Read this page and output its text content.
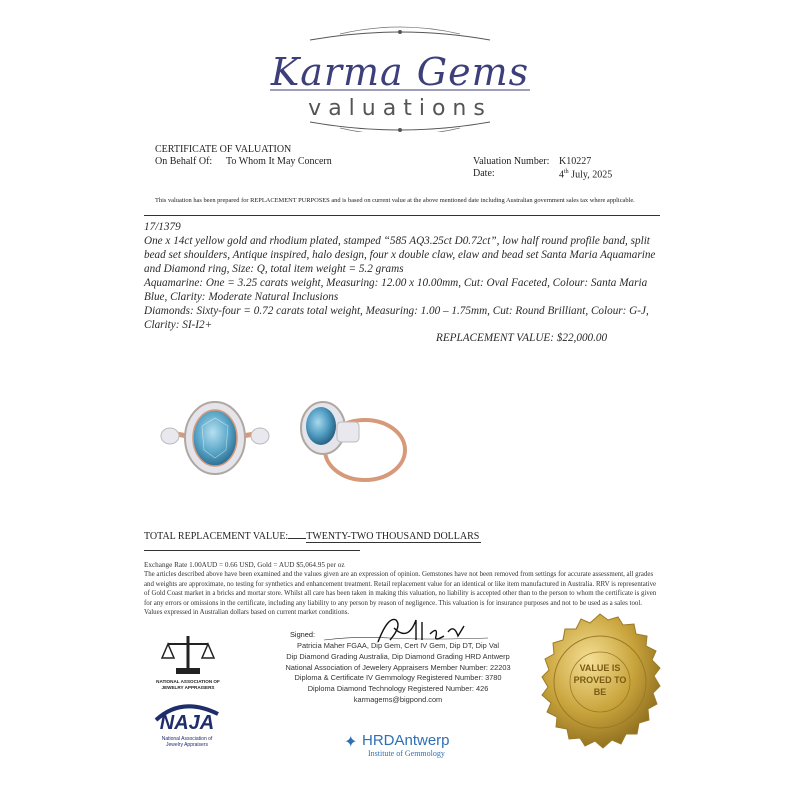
Karma Gems
valuations
CERTIFICATE OF VALUATION
On Behalf Of: To Whom It May Concern	Valuation Number: K10227
Date:	4th July, 2025
This valuation has been prepared for REPLACEMENT PURPOSES and is based on current value at the above mentioned date including Australian government sales tax where applicable.
17/1379
One x 14ct yellow gold and rhodium plated, stamped “585 AQ3.25ct D0.72ct”, low half round profile band, split bead set shoulders, Antique inspired, halo design, four x double claw, elaw and bead set Santa Maria Aquamarine and Diamond ring, Size: Q, total item weight = 5.2 grams
Aquamarine: One = 3.25 carats weight, Measuring: 12.00 x 10.00mm, Cut: Oval Faceted, Colour: Santa Maria Blue, Clarity: Moderate Natural Inclusions
Diamonds: Sixty-four = 0.72 carats total weight, Measuring: 1.00 – 1.75mm, Cut: Round Brilliant, Colour: G-J, Clarity: SI-I2+
REPLACEMENT VALUE: $22,000.00
TOTAL REPLACEMENT VALUE: TWENTY-TWO THOUSAND DOLLARS
Exchange Rate 1.00AUD = 0.66 USD, Gold = AUD $5,064.95 per oz
The articles described above have been examined and the values given are an expression of opinion. Gemstones have not been removed from settings for accurate assessment, all grades and weights are approximate, no testing for synthetics and enhancement treatment. Retail replacement value for an identical or like item manufactured in Australia. RRV is representative of Gold Coast market in a bricks and mortar store. Whilst all care has been taken in making this valuation, no liability is accepted other than to the person to whom the certificate is given for any errors or omissions in the certificate, including any liability to any person by reason of negligence. This valuation is for insurance purposes and not to be used as a sales tool. Values expressed in Australian dollars based on current market conditions.
Signed:
Patricia Maher FGAA, Dip Gem, Cert IV Gem, Dip DT, Dip Val
Dip Diamond Grading Australia, Dip Diamond Grading HRD Antwerp
National Association of Jewelery Appraisers Member Number: 22203
Diploma & Certificate IV Gemmology Registered Number: 3780
Diploma Diamond Technology Registered Number: 426
karmagems@bigpond.com
NATIONAL ASSOCIATION OF JEWELRY APPRAISERS
NAJA
National Association of
Jewelry Appraisers	✦ HRDAntwerp
Institute of Gemmology
VALUE IS
PROVED TO
BE
